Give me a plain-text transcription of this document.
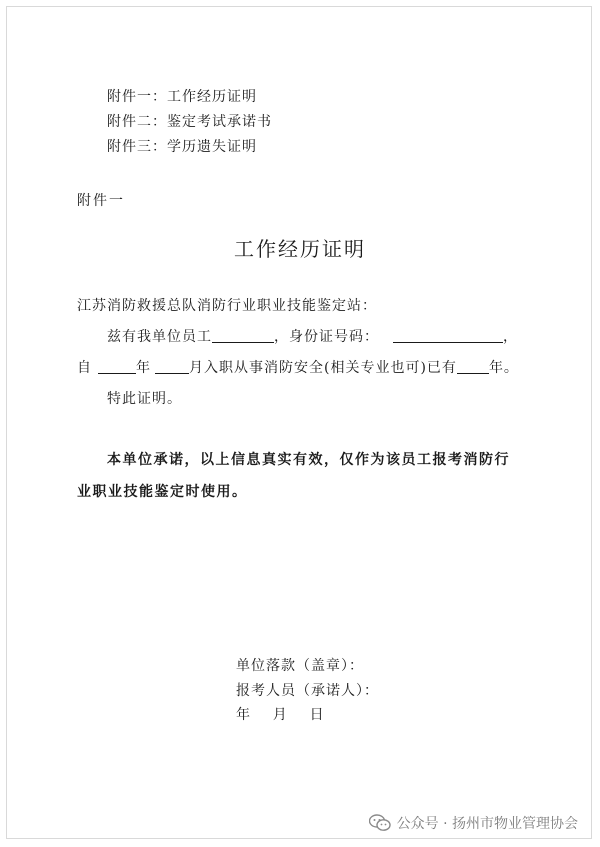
附件一：工作经历证明
附件二：鉴定考试承诺书
附件三：学历遗失证明
附件一
工作经历证明
江苏消防救援总队消防行业职业技能鉴定站：
兹有我单位员工	，身份证号码：	，
自	年	月入职从事消防安全(相关专业也可)已有 年。
特此证明。
本单位承诺，以上信息真实有效，仅作为该员工报考消防行
业职业技能鉴定时使用。
单位落款（盖章）：
报考人员（承诺人）：
年    月    日
公众号 · 扬州市物业管理协会
